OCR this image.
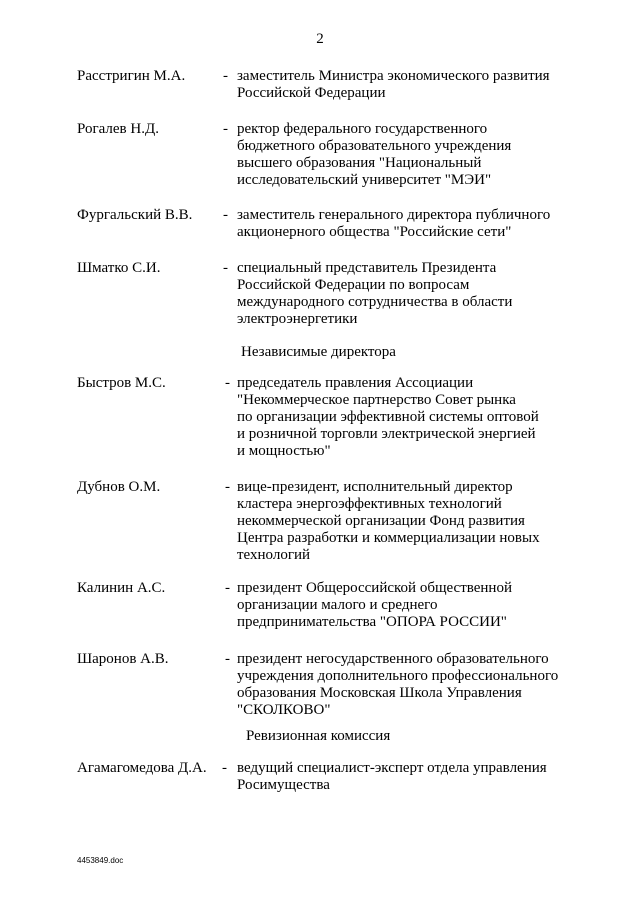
2
Расстригин М.А.	- заместитель Министра экономического развития
Российской Федерации
Рогалев Н.Д.	- ректор федерального государственного
бюджетного образовательного учреждения
высшего образования "Национальный
исследовательский университет "МЭИ"
Фургальский В.В. - заместитель генерального директора публичного
акционерного общества "Российские сети"
Шматко С.И.	- специальный представитель Президента
Российской Федерации по вопросам
международного сотрудничества в области
электроэнергетики
Независимые директора
Быстров М.С.	- председатель правления Ассоциации
"Некоммерческое партнерство Совет рынка
по организации эффективной системы оптовой
и розничной торговли электрической энергией
и мощностью"
Дубнов О.М.	- вице-президент, исполнительный директор
кластера энергоэффективных технологий
некоммерческой организации Фонд развития
Центра разработки и коммерциализации новых
технологий
Калинин А.С.	- президент Общероссийской общественной
организации малого и среднего
предпринимательства "ОПОРА РОССИИ"
Шаронов А.В.	- президент негосударственного образовательного
учреждения дополнительного профессионального
образования Московская Школа Управления
"СКОЛКОВО"
Ревизионная комиссия
Агамагомедова Д.А. - ведущий специалист-эксперт отдела управления
Росимущества
4453849.doc
